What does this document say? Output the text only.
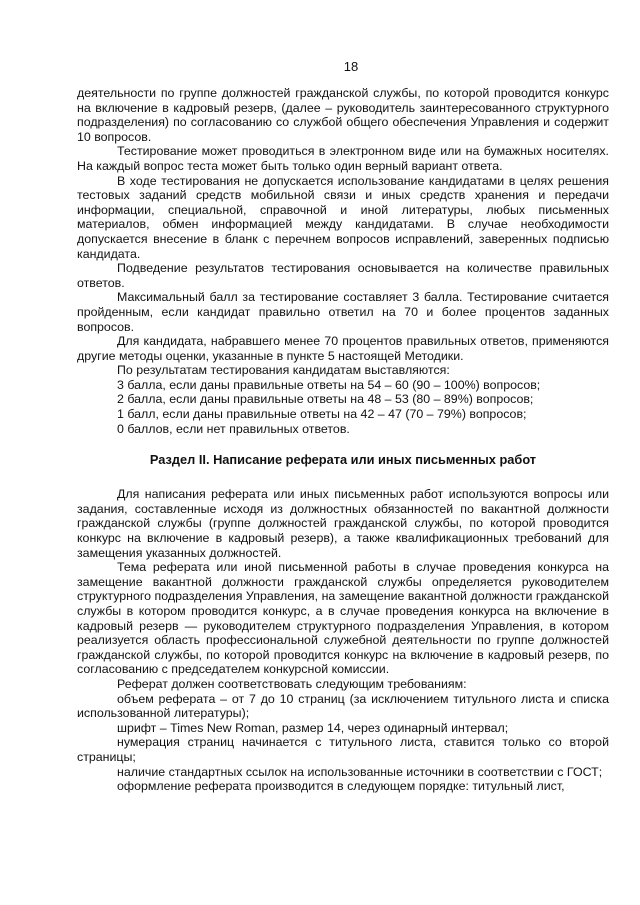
18

деятельности по группе должностей гражданской службы, по которой проводится конкурс на включение в кадровый резерв, (далее – руководитель заинтересованного структурного подразделения) по согласованию со службой общего обеспечения Управления и содержит 10 вопросов.

Тестирование может проводиться в электронном виде или на бумажных носителях. На каждый вопрос теста может быть только один верный вариант ответа.

В ходе тестирования не допускается использование кандидатами в целях решения тестовых заданий средств мобильной связи и иных средств хранения и передачи информации, специальной, справочной и иной литературы, любых письменных материалов, обмен информацией между кандидатами. В случае необходимости допускается внесение в бланк с перечнем вопросов исправлений, заверенных подписью кандидата.

Подведение результатов тестирования основывается на количестве правильных ответов.

Максимальный балл за тестирование составляет 3 балла. Тестирование считается пройденным, если кандидат правильно ответил на 70 и более процентов заданных вопросов.

Для кандидата, набравшего менее 70 процентов правильных ответов, применяются другие методы оценки, указанные в пункте 5 настоящей Методики.

По результатам тестирования кандидатам выставляются:

3 балла, если даны правильные ответы на 54 – 60 (90 – 100%) вопросов;

2 балла, если даны правильные ответы на 48 – 53 (80 – 89%) вопросов;

1 балл, если даны правильные ответы на 42 – 47 (70 – 79%) вопросов;

0 баллов, если нет правильных ответов.

Раздел II. Написание реферата или иных письменных работ

Для написания реферата или иных письменных работ используются вопросы или задания, составленные исходя из должностных обязанностей по вакантной должности гражданской службы (группе должностей гражданской службы, по которой проводится конкурс на включение в кадровый резерв), а также квалификационных требований для замещения указанных должностей.

Тема реферата или иной письменной работы в случае проведения конкурса на замещение вакантной должности гражданской службы определяется руководителем структурного подразделения Управления, на замещение вакантной должности гражданской службы в котором проводится конкурс, а в случае проведения конкурса на включение в кадровый резерв — руководителем структурного подразделения Управления, в котором реализуется область профессиональной служебной деятельности по группе должностей гражданской службы, по которой проводится конкурс на включение в кадровый резерв, по согласованию с председателем конкурсной комиссии.

Реферат должен соответствовать следующим требованиям:

объем реферата – от 7 до 10 страниц (за исключением титульного листа и списка использованной литературы);

шрифт – Times New Roman, размер 14, через одинарный интервал;

нумерация страниц начинается с титульного листа, ставится только со второй страницы;

наличие стандартных ссылок на использованные источники в соответствии с ГОСТ;

оформление реферата производится в следующем порядке: титульный лист,
